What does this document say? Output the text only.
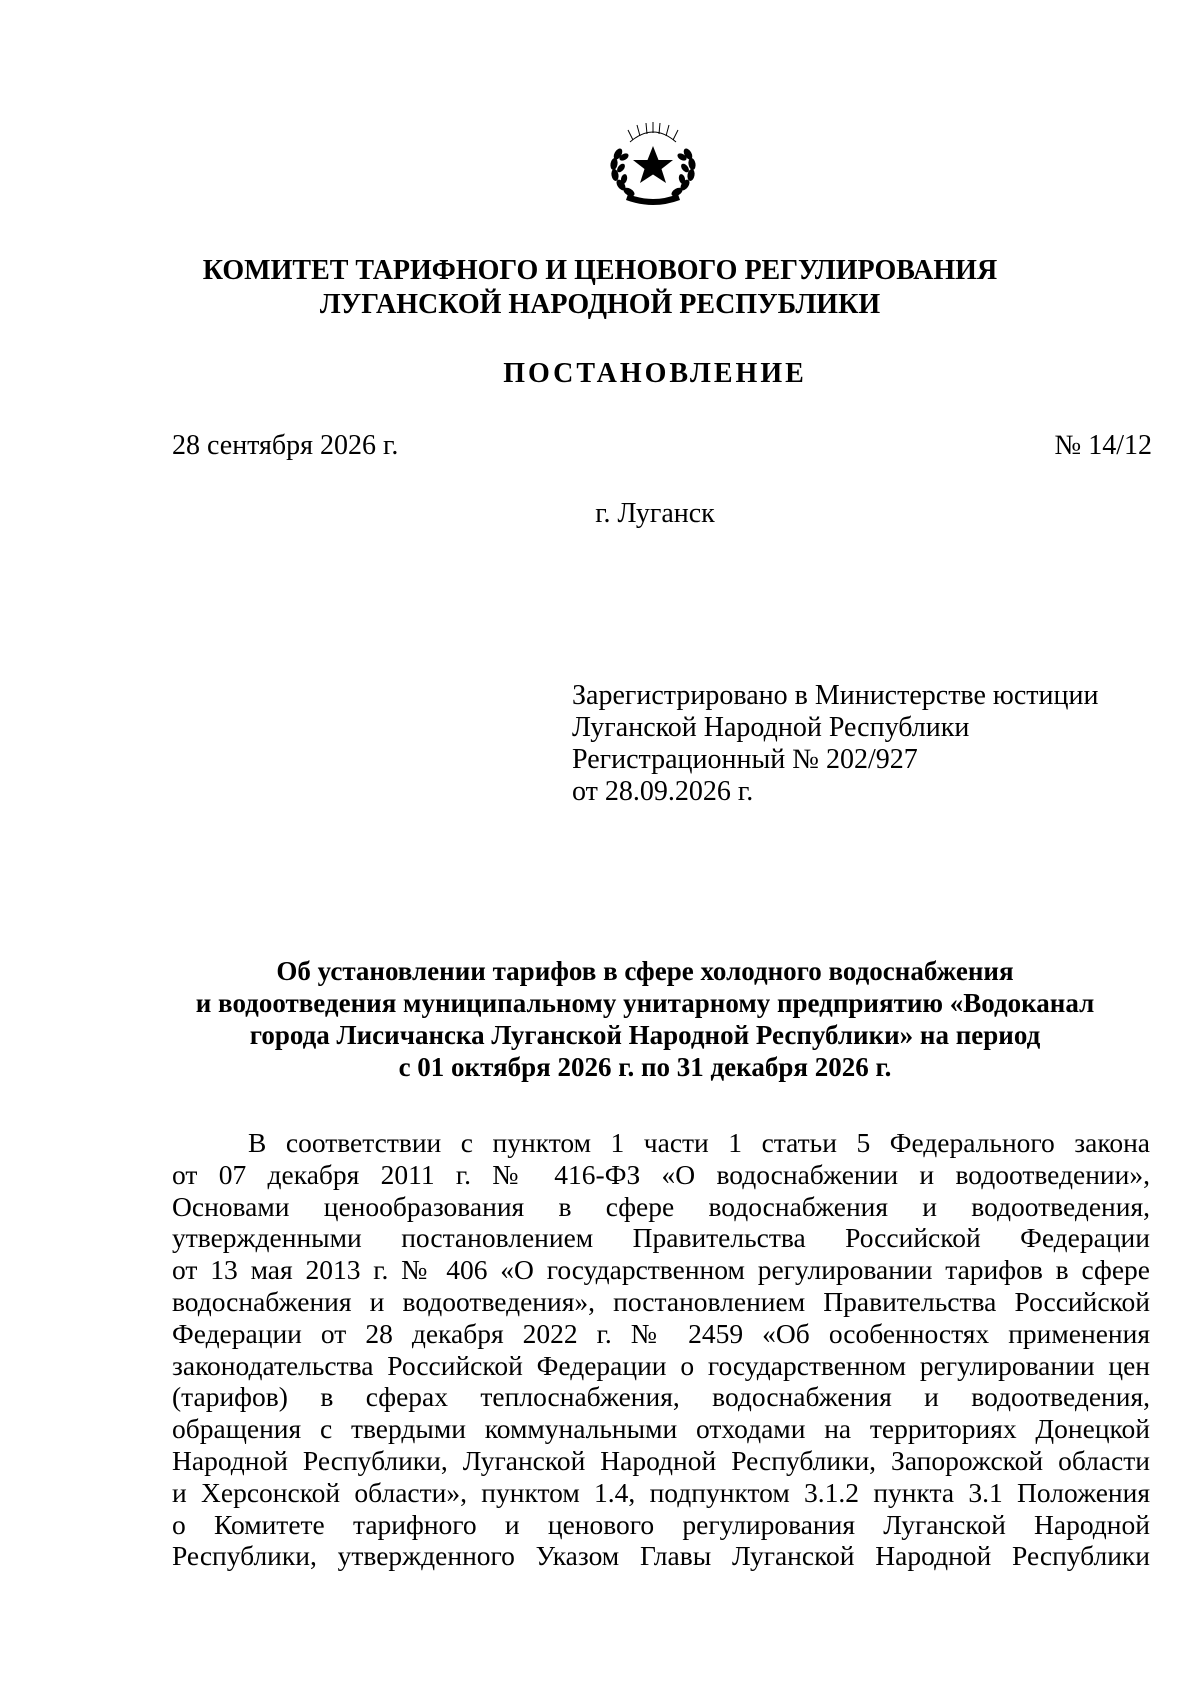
КОМИТЕТ ТАРИФНОГО И ЦЕНОВОГО РЕГУЛИРОВАНИЯ
ЛУГАНСКОЙ НАРОДНОЙ РЕСПУБЛИКИ
ПОСТАНОВЛЕНИЕ
28 сентября 2026 г.	№ 14/12
г. Луганск
Зарегистрировано в Министерстве юстиции
Луганской Народной Республики
Регистрационный № 202/927
от 28.09.2026 г.
Об установлении тарифов в сфере холодного водоснабжения
и водоотведения муниципальному унитарному предприятию «Водоканал
города Лисичанска Луганской Народной Республики» на период
с 01 октября 2026 г. по 31 декабря 2026 г.
В соответствии с пунктом 1 части 1 статьи 5 Федерального закона
от 07 декабря 2011 г. № 416-ФЗ «О водоснабжении и водоотведении»,
Основами ценообразования в сфере водоснабжения и водоотведения,
утвержденными постановлением Правительства Российской Федерации
от 13 мая 2013 г. № 406 «О государственном регулировании тарифов в сфере
водоснабжения и водоотведения», постановлением Правительства Российской
Федерации от 28 декабря 2022 г. № 2459 «Об особенностях применения
законодательства Российской Федерации о государственном регулировании цен
(тарифов) в сферах теплоснабжения, водоснабжения и водоотведения,
обращения с твердыми коммунальными отходами на территориях Донецкой
Народной Республики, Луганской Народной Республики, Запорожской области
и Херсонской области», пунктом 1.4, подпунктом 3.1.2 пункта 3.1 Положения
о Комитете тарифного и ценового регулирования Луганской Народной
Республики, утвержденного Указом Главы Луганской Народной Республики
